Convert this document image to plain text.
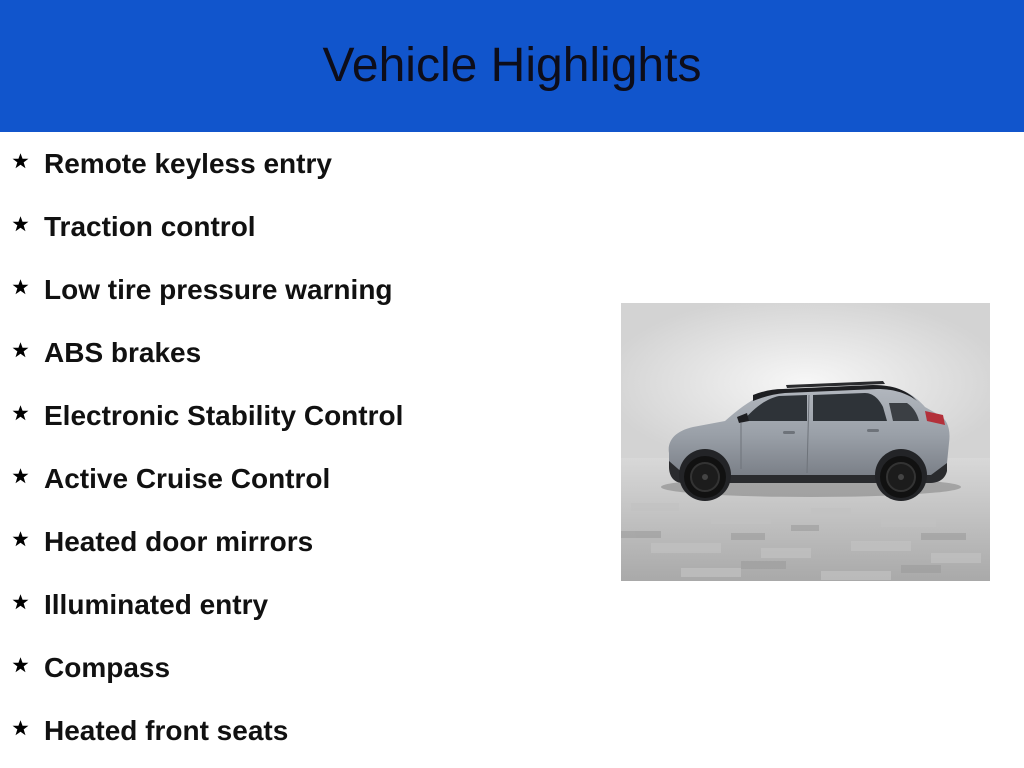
Vehicle Highlights
Remote keyless entry
Traction control
Low tire pressure warning
ABS brakes
Electronic Stability Control
Active Cruise Control
Heated door mirrors
Illuminated entry
Compass
Heated front seats
